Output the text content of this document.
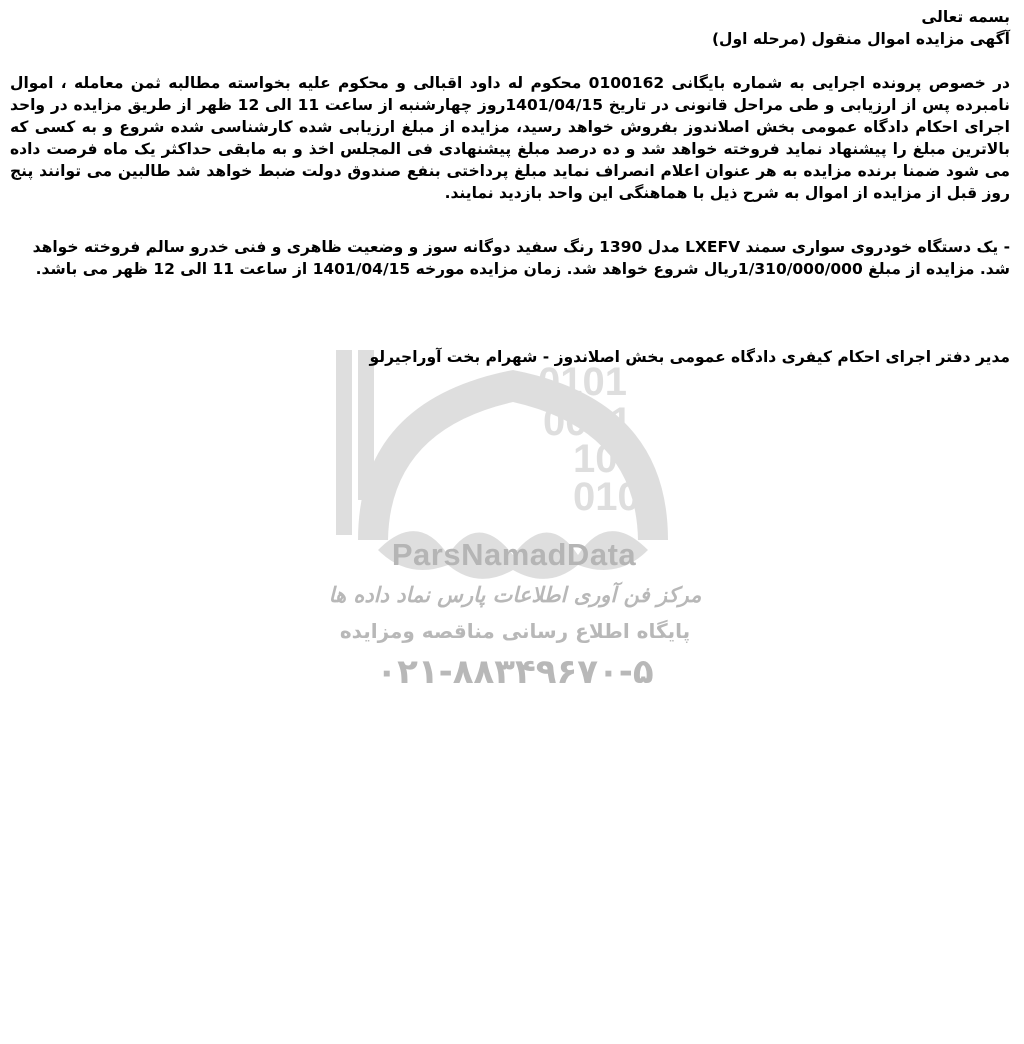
0101
0001
10
010
ParsNamadData
مرکز فن آوری اطلاعات پارس نماد داده ها
پایگاه اطلاع رسانی مناقصه ومزایده
۰۲۱-۸۸۳۴۹۶۷۰-۵
بسمه تعالی
آگهی مزایده اموال منقول (مرحله اول)
در خصوص پرونده اجرایی به شماره بایگانی 0100162 محکوم له داود اقبالی و محکوم علیه بخواسته مطالبه ثمن معامله ، اموال نامبرده پس از ارزیابی و طی مراحل قانونی در تاریخ 1401/04/15روز چهارشنبه از ساعت 11 الی 12 ظهر از طریق مزایده در واحد اجرای احکام دادگاه عمومی بخش اصلاندوز بفروش خواهد رسید، مزایده از مبلغ ارزیابی شده کارشناسی شده شروع و به کسی که بالاترین مبلغ را پیشنهاد نماید فروخته خواهد شد و ده درصد مبلغ پیشنهادی فی المجلس اخذ و به مابقی حداکثر یک ماه فرصت داده می شود ضمنا برنده مزایده به هر عنوان اعلام انصراف نماید مبلغ پرداختی بنفع صندوق دولت ضبط خواهد شد طالبین می توانند پنج روز قبل از مزایده از اموال به شرح ذیل با هماهنگی این واحد بازدید نمایند.
- یک دستگاه خودروی سواری سمند LXEFV مدل 1390 رنگ سفید دوگانه سوز و وضعیت ظاهری و فنی خدرو سالم فروخته خواهد شد. مزایده از مبلغ 1/310/000/000ریال شروع خواهد شد. زمان مزایده مورخه 1401/04/15 از ساعت 11 الی 12 ظهر می باشد.
مدیر دفتر اجرای احکام کیفری دادگاه عمومی بخش اصلاندوز - شهرام بخت آوراجیرلو
